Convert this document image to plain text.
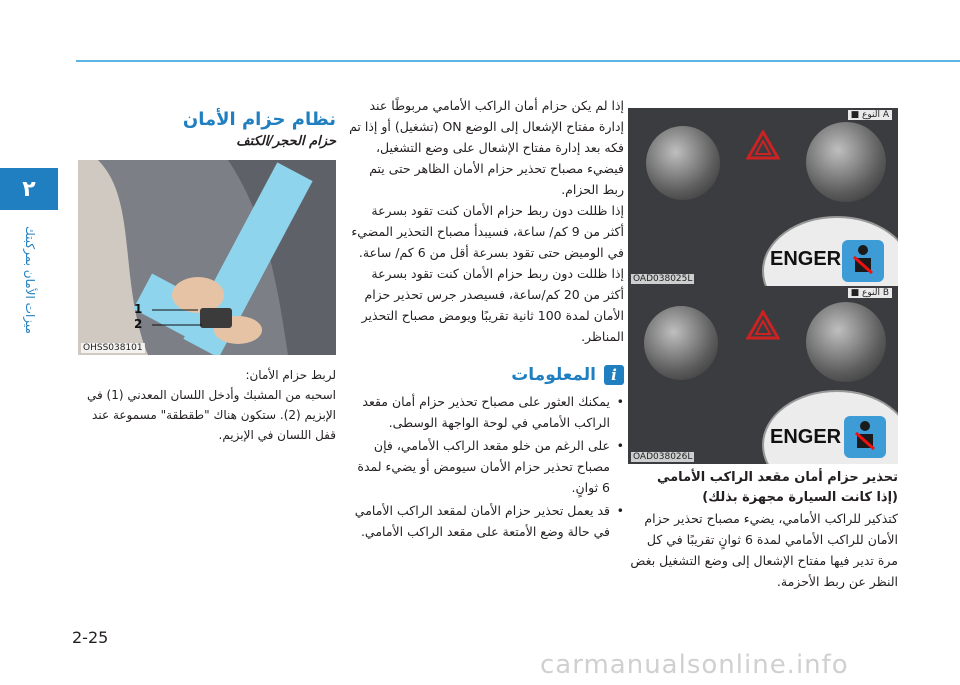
٢
ميزات الأمان بمركبتك	ENGER
■ النوع A
OAD038025L
ENGER
■ النوع B
OAD038026L
تحذير حزام أمان مقعد الراكب الأمامي
(إذا كانت السيارة مجهزة بذلك)

كتذكير للراكب الأمامي، يضيء مصباح تحذير حزام الأمان للراكب الأمامي لمدة 6 ثوانٍ تقريبًا في كل مرة تدير فيها مفتاح الإشعال إلى وضع التشغيل بغض النظر عن ربط الأحزمة.

إذا لم يكن حزام أمان الراكب الأمامي مربوطًا عند إدارة مفتاح الإشعال إلى الوضع ON (تشغيل) أو إذا تم فكه بعد إدارة مفتاح الإشعال على وضع التشغيل، فيضيء مصباح تحذير حزام الأمان الظاهر حتى يتم ربط الحزام.

إذا ظللت دون ربط حزام الأمان كنت تقود بسرعة أكثر من 9 كم/ ساعة، فسيبدأ مصباح التحذير المضيء في الوميض حتى تقود بسرعة أقل من 6 كم/ ساعة.

إذا ظللت دون ربط حزام الأمان كنت تقود بسرعة أكثر من 20 كم/ساعة، فسيصدر جرس تحذير حزام الأمان لمدة 100 ثانية تقريبًا ويومض مصباح التحذير المناظر.

i
المعلومات
• يمكنك العثور على مصباح تحذير حزام أمان مقعد الراكب الأمامي في لوحة الواجهة الوسطى.
• على الرغم من خلو مقعد الراكب الأمامي، فإن مصباح تحذير حزام الأمان سيومض أو يضيء لمدة 6 ثوانٍ.
• قد يعمل تحذير حزام الأمان لمقعد الراكب الأمامي في حالة وضع الأمتعة على مقعد الراكب الأمامي.
نظام حزام الأمان
حزام الحجر/الكتف
1
2
OHSS038101

لربط حزام الأمان:

اسحبه من المشبك وأدخل اللسان المعدني (1) في الإبزيم (2). ستكون هناك "طقطقة" مسموعة عند قفل اللسان في الإبزيم.

2-25
carmanualsonline.info
